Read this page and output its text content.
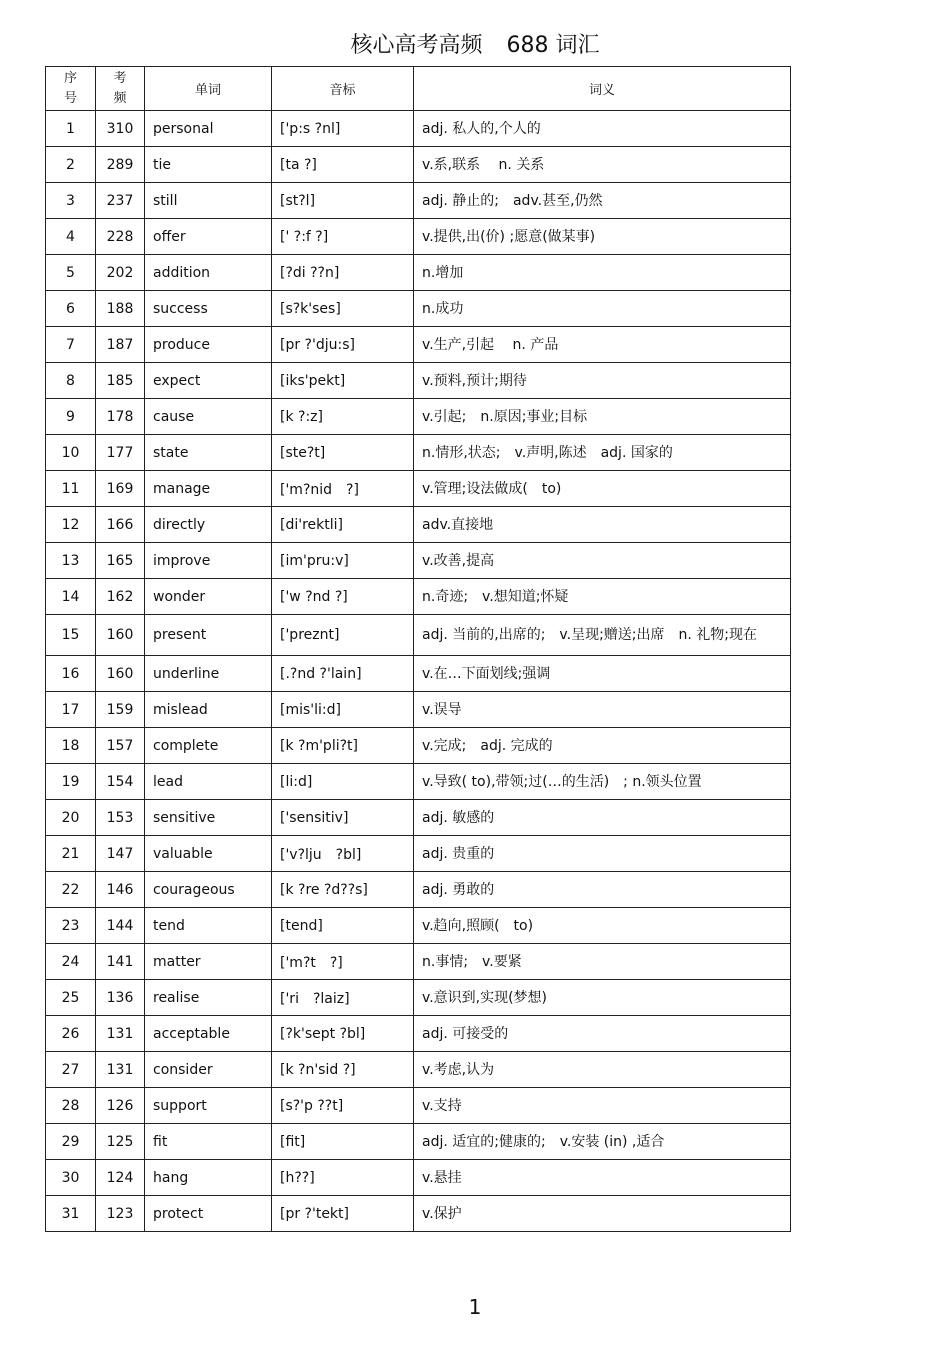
核心高考高频 688 词汇
序
号	考
频	单词	音标	词义
1	310	personal	['p:s ?nl]	adj. 私人的,个人的
2	289	tie	[ta ?]	v.系,联系　 n. 关系
3	237	still	[st?l]	adj. 静止的;　adv.甚至,仍然
4	228	offer	[' ?:f ?]	v.提供,出(价) ;愿意(做某事)
5	202	addition	[?di ??n]	n.增加
6	188	success	[s?k'ses]	n.成功
7	187	produce	[pr ?'dju:s]	v.生产,引起　 n. 产品
8	185	expect	[iks'pekt]	v.预料,预计;期待
9	178	cause	[k ?:z]	v.引起;　n.原因;事业;目标
10	177	state	[ste?t]	n.情形,状态;　v.声明,陈述　adj. 国家的
11	169	manage	['m?nid　?]	v.管理;设法做成(　to)
12	166	directly	[di'rektli]	adv.直接地
13	165	improve	[im'pru:v]	v.改善,提高
14	162	wonder	['w ?nd ?]	n.奇迹;　v.想知道;怀疑
15	160	present	['preznt]	adj. 当前的,出席的;　v.呈现;赠送;出席　n. 礼物;现在
16	160	underline	[.?nd ?'lain]	v.在…下面划线;强调
17	159	mislead	[mis'li:d]	v.误导
18	157	complete	[k ?m'pli?t]	v.完成;　adj. 完成的
19	154	lead	[li:d]	v.导致( to),带领;过(…的生活)　; n.领头位置
20	153	sensitive	['sensitiv]	adj. 敏感的
21	147	valuable	['v?lju　?bl]	adj. 贵重的
22	146	courageous	[k ?re ?d??s]	adj. 勇敢的
23	144	tend	[tend]	v.趋向,照顾(　to)
24	141	matter	['m?t　?]	n.事情;　v.要紧
25	136	realise	['ri　?laiz]	v.意识到,实现(梦想)
26	131	acceptable	[?k'sept ?bl]	adj. 可接受的
27	131	consider	[k ?n'sid ?]	v.考虑,认为
28	126	support	[s?'p ??t]	v.支持
29	125	fit	[fit]	adj. 适宜的;健康的;　v.安装 (in) ,适合
30	124	hang	[h??]	v.悬挂
31	123	protect	[pr ?'tekt]	v.保护
1
